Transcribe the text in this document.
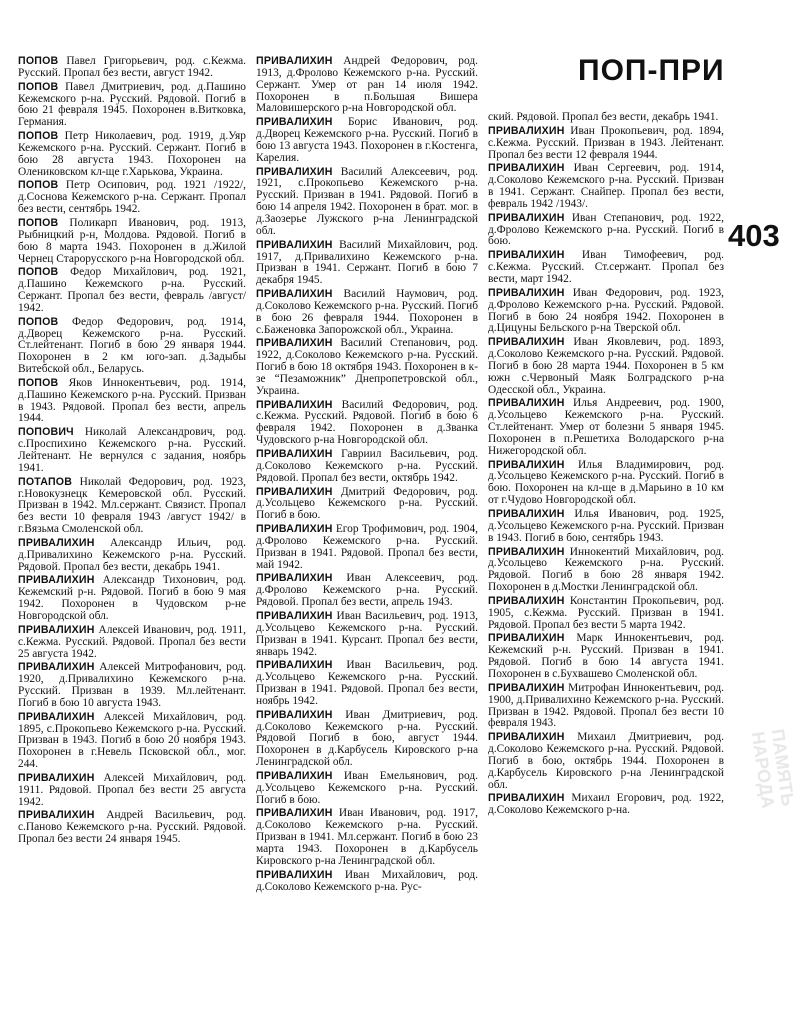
ПОП-ПРИ
403
ПАМЯТЬ НАРОДА
ПОПОВ Павел Григорьевич, род. с.Кежма. Русский. Пропал без вести, август 1942.
ПОПОВ Павел Дмитриевич, род. д.Пашино Кежемского р-на. Русский. Рядовой. Погиб в бою 21 февраля 1945. Похоронен в.Витковка, Германия.
ПОПОВ Петр Николаевич, род. 1919, д.Уяр Кежемского р-на. Русский. Сержант. Погиб в бою 28 августа 1943. Похоронен на Олениковском кл-ще г.Харькова, Украина.
ПОПОВ Петр Осипович, род. 1921 /1922/, д.Соснова Кежемского р-на. Сержант. Пропал без вести, сентябрь 1942.
ПОПОВ Поликарп Иванович, род. 1913, Рыбницкий р-н, Молдова. Рядовой. Погиб в бою 8 марта 1943. Похоронен в д.Жилой Чернец Старорусского р-на Новгородской обл.
ПОПОВ Федор Михайлович, род. 1921, д.Пашино Кежемского р-на. Русский. Сержант. Пропал без вести, февраль /август/ 1942.
ПОПОВ Федор Федорович, род. 1914, д.Дворец Кежемского р-на. Русский. Ст.лейтенант. Погиб в бою 29 января 1944. Похоронен в 2 км юго-зап. д.Задыбы Витебской обл., Беларусь.
ПОПОВ Яков Иннокентьевич, род. 1914, д.Пашино Кежемского р-на. Русский. Призван в 1943. Рядовой. Пропал без вести, апрель 1944.
ПОПОВИЧ Николай Александрович, род. с.Проспихино Кежемского р-на. Русский. Лейтенант. Не вернулся с задания, ноябрь 1941.
ПОТАПОВ Николай Федорович, род. 1923, г.Новокузнецк Кемеровской обл. Русский. Призван в 1942. Мл.сержант. Связист. Пропал без вести 10 февраля 1943 /август 1942/ в г.Вязьма Смоленской обл.
ПРИВАЛИХИН Александр Ильич, род. д.Привалихино Кежемского р-на. Русский. Рядовой. Пропал без вести, декабрь 1941.
ПРИВАЛИХИН Александр Тихонович, род. Кежемский р-н. Рядовой. Погиб в бою 9 мая 1942. Похоронен в Чудовском р-не Новгородской обл.
ПРИВАЛИХИН Алексей Иванович, род. 1911, с.Кежма. Русский. Рядовой. Пропал без вести 25 августа 1942.
ПРИВАЛИХИН Алексей Митрофанович, род. 1920, д.Привалихино Кежемского р-на. Русский. Призван в 1939. Мл.лейтенант. Погиб в бою 10 августа 1943.
ПРИВАЛИХИН Алексей Михайлович, род. 1895, с.Прокопьево Кежемского р-на. Русский. Призван в 1943. Погиб в бою 20 ноября 1943. Похоронен в г.Невель Псковской обл., мог. 244.
ПРИВАЛИХИН Алексей Михайлович, род. 1911. Рядовой. Пропал без вести 25 августа 1942.
ПРИВАЛИХИН Андрей Васильевич, род. с.Паново Кежемского р-на. Русский. Рядовой. Пропал без вести 24 января 1945.
ПРИВАЛИХИН Андрей Федорович, род. 1913, д.Фролово Кежемского р-на. Русский. Сержант. Умер от ран 14 июля 1942. Похоронен в п.Большая Вишера Маловишерского р-на Новгородской обл.
ПРИВАЛИХИН Борис Иванович, род. д.Дворец Кежемского р-на. Русский. Погиб в бою 13 августа 1943. Похоронен в г.Костенга, Карелия.
ПРИВАЛИХИН Василий Алексеевич, род. 1921, с.Прокопьево Кежемского р-на. Русский. Призван в 1941. Рядовой. Погиб в бою 14 апреля 1942. Похоронен в брат. мог. в д.Заозерье Лужского р-на Ленинградской обл.
ПРИВАЛИХИН Василий Михайлович, род. 1917, д.Привалихино Кежемского р-на. Призван в 1941. Сержант. Погиб в бою 7 декабря 1945.
ПРИВАЛИХИН Василий Наумович, род. д.Соколово Кежемского р-на. Русский. Погиб в бою 26 февраля 1944. Похоронен в с.Баженовка Запорожской обл., Украина.
ПРИВАЛИХИН Василий Степанович, род. 1922, д.Соколово Кежемского р-на. Русский. Погиб в бою 18 октября 1943. Похоронен в к-зе “Пезаможник” Днепропетровской обл., Украина.
ПРИВАЛИХИН Василий Федорович, род. с.Кежма. Русский. Рядовой. Погиб в бою 6 февраля 1942. Похоронен в д.Званка Чудовского р-на Новгородской обл.
ПРИВАЛИХИН Гавриил Васильевич, род. д.Соколово Кежемского р-на. Русский. Рядовой. Пропал без вести, октябрь 1942.
ПРИВАЛИХИН Дмитрий Федорович, род. д.Усольцево Кежемского р-на. Русский. Погиб в бою.
ПРИВАЛИХИН Егор Трофимович, род. 1904, д.Фролово Кежемского р-на. Русский. Призван в 1941. Рядовой. Пропал без вести, май 1942.
ПРИВАЛИХИН Иван Алексеевич, род. д.Фролово Кежемского р-на. Русский. Рядовой. Пропал без вести, апрель 1943.
ПРИВАЛИХИН Иван Васильевич, род. 1913, д.Усольцево Кежемского р-на. Русский. Призван в 1941. Курсант. Пропал без вести, январь 1942.
ПРИВАЛИХИН Иван Васильевич, род. д.Усольцево Кежемского р-на. Русский. Призван в 1941. Рядовой. Пропал без вести, ноябрь 1942.
ПРИВАЛИХИН Иван Дмитриевич, род. д.Соколово Кежемского р-на. Русский. Рядовой Погиб в бою, август 1944. Похоронен в д.Карбусель Кировского р-на Ленинградской обл.
ПРИВАЛИХИН Иван Емельянович, род. д.Усольцево Кежемского р-на. Русский. Погиб в бою.
ПРИВАЛИХИН Иван Иванович, род. 1917, д.Соколово Кежемского р-на. Русский. Призван в 1941. Мл.сержант. Погиб в бою 23 марта 1943. Похоронен в д.Карбусель Кировского р-на Ленинградской обл.
ПРИВАЛИХИН Иван Михайлович, род. д.Соколово Кежемского р-на. Рус-
ский. Рядовой. Пропал без вести, декабрь 1941.
ПРИВАЛИХИН Иван Прокопьевич, род. 1894, с.Кежма. Русский. Призван в 1943. Лейтенант. Пропал без вести 12 февраля 1944.
ПРИВАЛИХИН Иван Сергеевич, род. 1914, д.Соколово Кежемского р-на. Русский. Призван в 1941. Сержант. Снайпер. Пропал без вести, февраль 1942 /1943/.
ПРИВАЛИХИН Иван Степанович, род. 1922, д.Фролово Кежемского р-на. Русский. Погиб в бою.
ПРИВАЛИХИН Иван Тимофеевич, род. с.Кежма. Русский. Ст.сержант. Пропал без вести, март 1942.
ПРИВАЛИХИН Иван Федорович, род. 1923, д.Фролово Кежемского р-на. Русский. Рядовой. Погиб в бою 24 ноября 1942. Похоронен в д.Цицуны Бельского р-на Тверской обл.
ПРИВАЛИХИН Иван Яковлевич, род. 1893, д.Соколово Кежемского р-на. Русский. Рядовой. Погиб в бою 28 марта 1944. Похоронен в 5 км южн с.Червоный Маяк Болградского р-на Одесской обл., Украина.
ПРИВАЛИХИН Илья Андреевич, род. 1900, д.Усольцево Кежемского р-на. Русский. Ст.лейтенант. Умер от болезни 5 января 1945. Похоронен в п.Решетиха Володарского р-на Нижегородской обл.
ПРИВАЛИХИН Илья Владимирович, род. д.Усольцево Кежемского р-на. Русский. Погиб в бою. Похоронен на кл-ще в д.Марьино в 10 км от г.Чудово Новгородской обл.
ПРИВАЛИХИН Илья Иванович, род. 1925, д.Усольцево Кежемского р-на. Русский. Призван в 1943. Погиб в бою, сентябрь 1943.
ПРИВАЛИХИН Иннокентий Михайлович, род. д.Усольцево Кежемского р-на. Русский. Рядовой. Погиб в бою 28 января 1942. Похоронен в д.Мостки Ленинградской обл.
ПРИВАЛИХИН Константин Прокопьевич, род. 1905, с.Кежма. Русский. Призван в 1941. Рядовой. Пропал без вести 5 марта 1942.
ПРИВАЛИХИН Марк Иннокентьевич, род. Кежемский р-н. Русский. Призван в 1941. Рядовой. Погиб в бою 14 августа 1941. Похоронен в с.Бухвашево Смоленской обл.
ПРИВАЛИХИН Митрофан Иннокентьевич, род. 1900, д.Привалихино Кежемского р-на. Русский. Призван в 1942. Рядовой. Пропал без вести 10 февраля 1943.
ПРИВАЛИХИН Михаил Дмитриевич, род. д.Соколово Кежемского р-на. Русский. Рядовой. Погиб в бою, октябрь 1944. Похоронен в д.Карбусель Кировского р-на Ленинградской обл.
ПРИВАЛИХИН Михаил Егорович, род. 1922, д.Соколово Кежемского р-на.
